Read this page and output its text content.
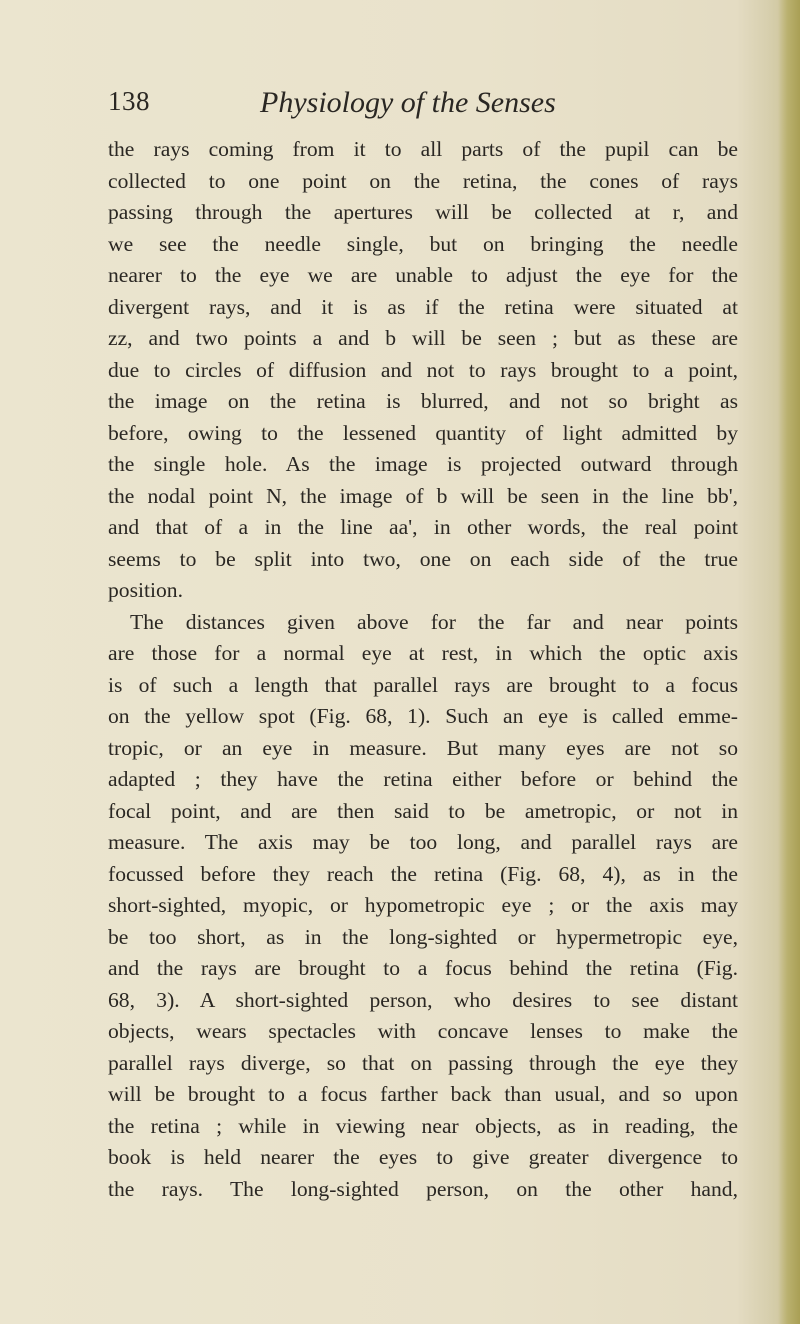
138	Physiology of the Senses
the rays coming from it to all parts of the pupil can be
collected to one point on the retina, the cones of rays
passing through the apertures will be collected at r, and
we see the needle single, but on bringing the needle
nearer to the eye we are unable to adjust the eye for the
divergent rays, and it is as if the retina were situated at
zz, and two points a and b will be seen ; but as these are
due to circles of diffusion and not to rays brought to a point,
the image on the retina is blurred, and not so bright as
before, owing to the lessened quantity of light admitted by
the single hole. As the image is projected outward through
the nodal point N, the image of b will be seen in the line bb',
and that of a in the line aa', in other words, the real point
seems to be split into two, one on each side of the true
position.
The distances given above for the far and near points
are those for a normal eye at rest, in which the optic axis
is of such a length that parallel rays are brought to a focus
on the yellow spot (Fig. 68, 1). Such an eye is called emme-
tropic, or an eye in measure. But many eyes are not so
adapted ; they have the retina either before or behind the
focal point, and are then said to be ametropic, or not in
measure. The axis may be too long, and parallel rays are
focussed before they reach the retina (Fig. 68, 4), as in the
short-sighted, myopic, or hypometropic eye ; or the axis may
be too short, as in the long-sighted or hypermetropic eye,
and the rays are brought to a focus behind the retina (Fig.
68, 3). A short-sighted person, who desires to see distant
objects, wears spectacles with concave lenses to make the
parallel rays diverge, so that on passing through the eye they
will be brought to a focus farther back than usual, and so upon
the retina ; while in viewing near objects, as in reading, the
book is held nearer the eyes to give greater divergence to
the rays. The long-sighted person, on the other hand,
